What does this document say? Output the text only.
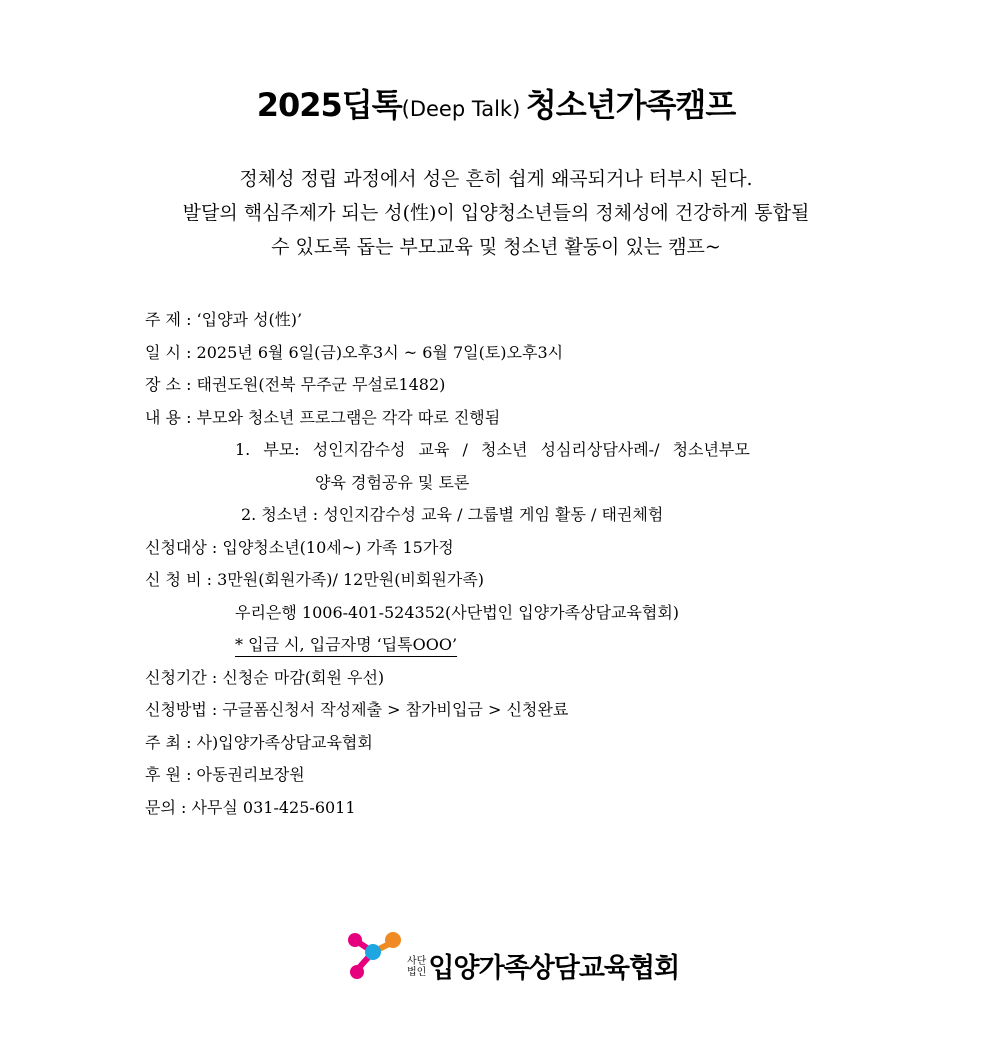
2025딥톡(Deep Talk) 청소년가족캠프
정체성 정립 과정에서 성은 흔히 쉽게 왜곡되거나 터부시 된다.
발달의 핵심주제가 되는 성(性)이 입양청소년들의 정체성에 건강하게 통합될
수 있도록 돕는 부모교육 및 청소년 활동이 있는 캠프~
주 제 : ‘입양과 성(性)’
일 시 : 2025년 6월 6일(금)오후3시 ~ 6월 7일(토)오후3시
장 소 : 태권도원(전북 무주군 무설로1482)
내 용 : 부모와 청소년 프로그램은 각각 따로 진행됨
1. 부모: 성인지감수성 교육 / 청소년 성심리상담사례-/ 청소년부모
양육 경험공유 및 토론
2. 청소년 : 성인지감수성 교육 / 그룹별 게임 활동 / 태권체험
신청대상 : 입양청소년(10세~) 가족 15가정
신 청 비 : 3만원(회원가족)/ 12만원(비회원가족)
우리은행 1006-401-524352(사단법인 입양가족상담교육협회)
* 입금 시, 입금자명 ‘딥톡OOO’
신청기간 : 신청순 마감(회원 우선)
신청방법 : 구글폼신청서 작성제출 > 참가비입금 > 신청완료
주 최 : 사)입양가족상담교육협회
후 원 : 아동권리보장원
문의 : 사무실 031-425-6011
사단
법인 입양가족상담교육협회
